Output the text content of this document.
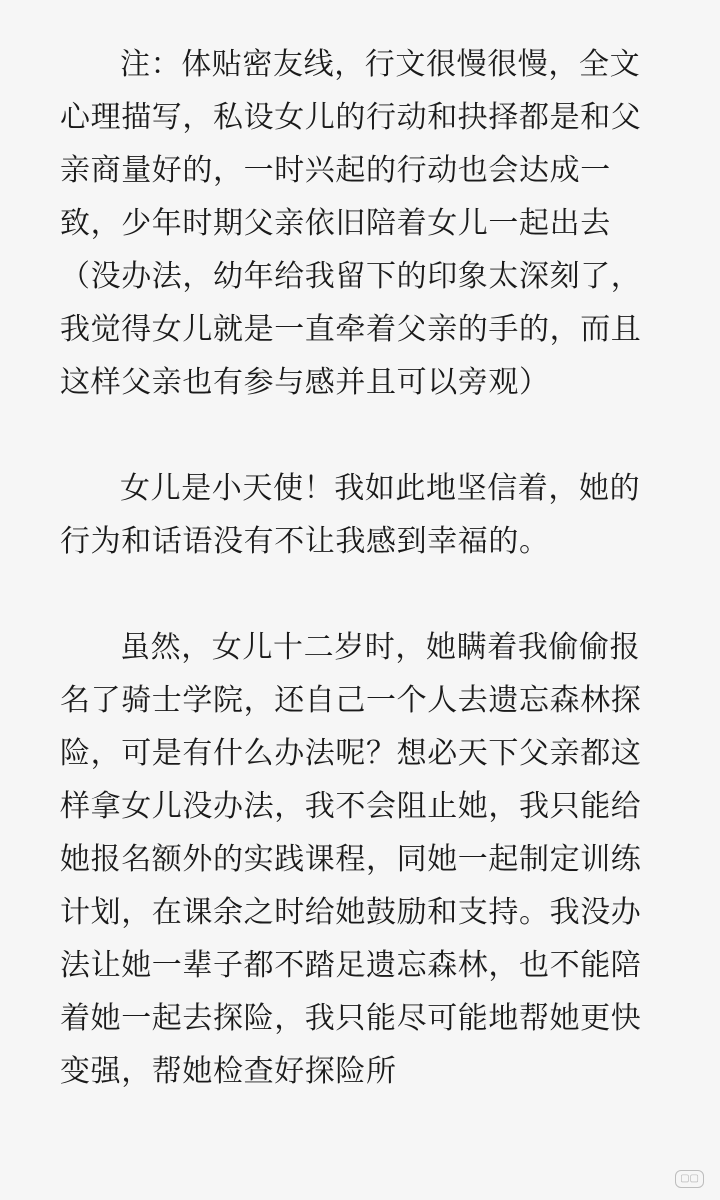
注：体贴密友线，行文很慢很慢，全文心理描写，私设女儿的行动和抉择都是和父亲商量好的，一时兴起的行动也会达成一致，少年时期父亲依旧陪着女儿一起出去（没办法，幼年给我留下的印象太深刻了，我觉得女儿就是一直牵着父亲的手的，而且这样父亲也有参与感并且可以旁观）

女儿是小天使！我如此地坚信着，她的行为和话语没有不让我感到幸福的。

虽然，女儿十二岁时，她瞒着我偷偷报名了骑士学院，还自己一个人去遗忘森林探险，可是有什么办法呢？想必天下父亲都这样拿女儿没办法，我不会阻止她，我只能给她报名额外的实践课程，同她一起制定训练计划，在课余之时给她鼓励和支持。我没办法让她一辈子都不踏足遗忘森林，也不能陪着她一起去探险，我只能尽可能地帮她更快变强，帮她检查好探险所

▢▢
